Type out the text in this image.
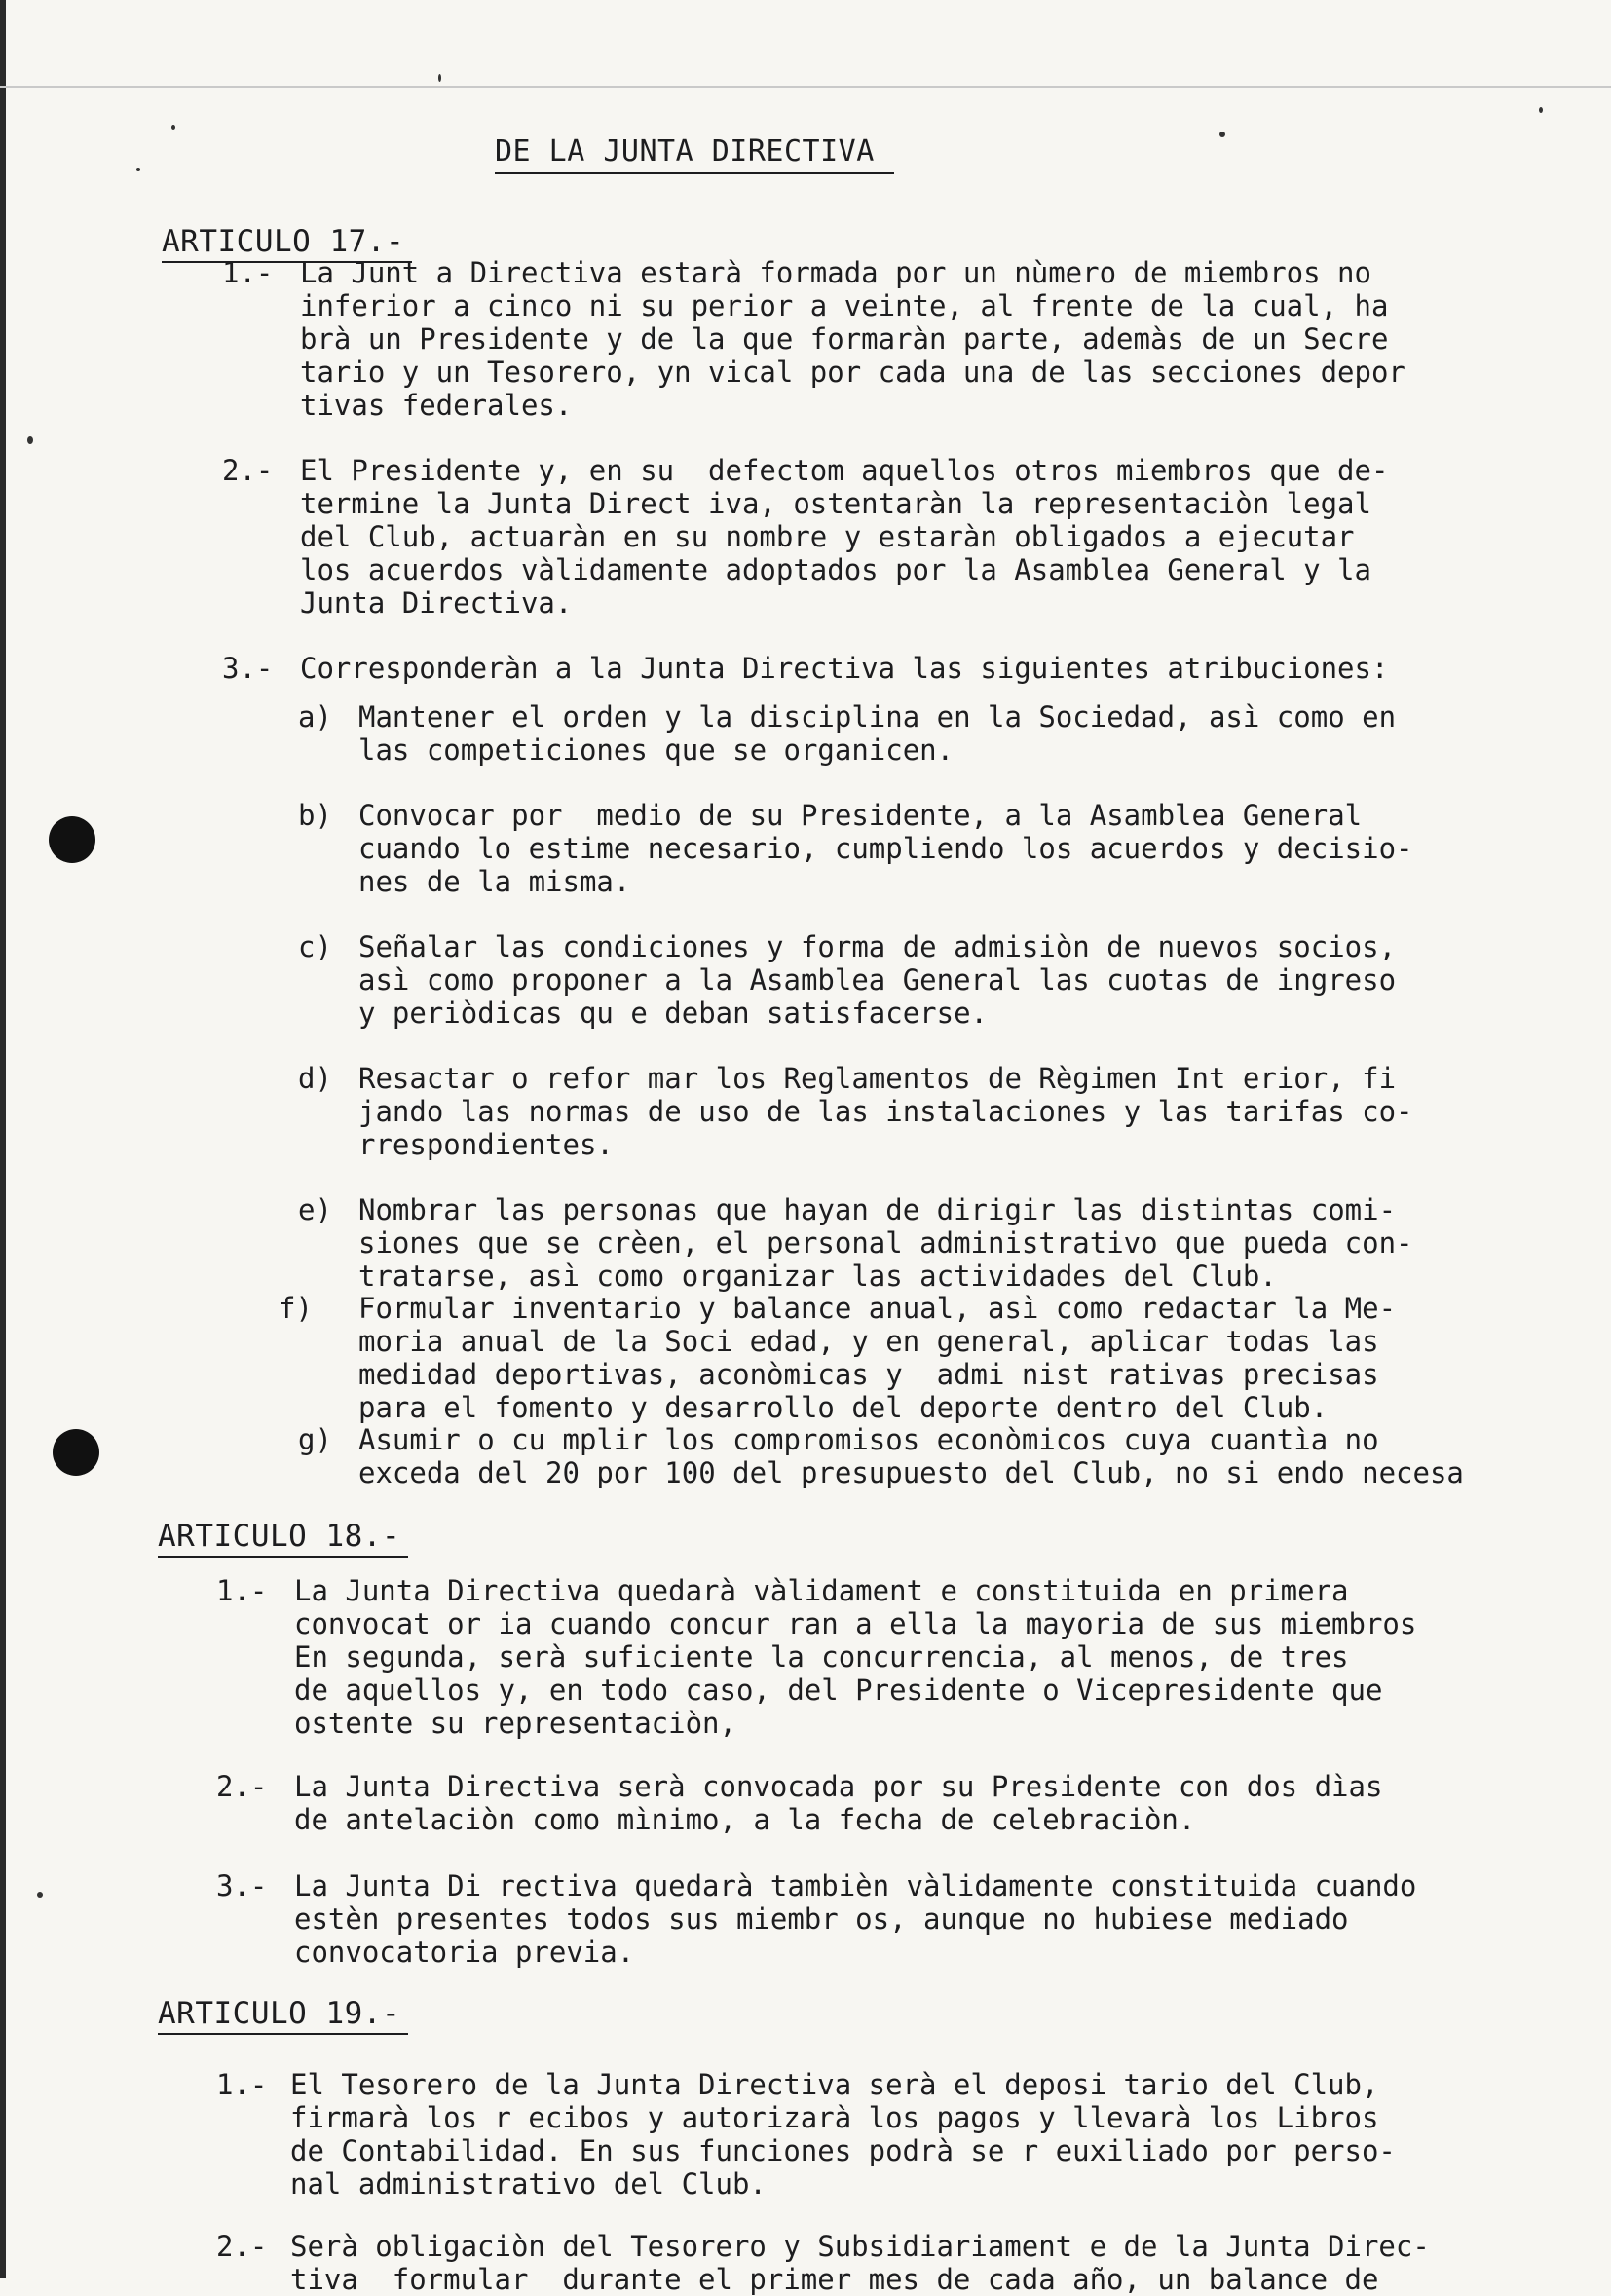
DE LA JUNTA DIRECTIVA
ARTICULO 17.-
1.- La Junt a Directiva estarà formada por un nùmero de miembros no
inferior a cinco ni su perior a veinte, al frente de la cual, ha
brà un Presidente y de la que formaràn parte, ademàs de un Secre
tario y un Tesorero, yn vical por cada una de las secciones depor
tivas federales.
2.- El Presidente y, en su  defectom aquellos otros miembros que de-
termine la Junta Direct iva, ostentaràn la representaciòn legal
del Club, actuaràn en su nombre y estaràn obligados a ejecutar
los acuerdos vàlidamente adoptados por la Asamblea General y la
Junta Directiva.
3.- Corresponderàn a la Junta Directiva las siguientes atribuciones:
a) Mantener el orden y la disciplina en la Sociedad, asì como en
las competiciones que se organicen.
b) Convocar por  medio de su Presidente, a la Asamblea General
cuando lo estime necesario, cumpliendo los acuerdos y decisio-
nes de la misma.
c) Señalar las condiciones y forma de admisiòn de nuevos socios,
asì como proponer a la Asamblea General las cuotas de ingreso
y periòdicas qu e deban satisfacerse.
d) Resactar o refor mar los Reglamentos de Règimen Int erior, fi
jando las normas de uso de las instalaciones y las tarifas co-
rrespondientes.
e) Nombrar las personas que hayan de dirigir las distintas comi-
siones que se crèen, el personal administrativo que pueda con-
tratarse, asì como organizar las actividades del Club.
f) Formular inventario y balance anual, asì como redactar la Me-
moria anual de la Soci edad, y en general, aplicar todas las
medidad deportivas, aconòmicas y  admi nist rativas precisas
para el fomento y desarrollo del deporte dentro del Club.
g) Asumir o cu mplir los compromisos econòmicos cuya cuantìa no
exceda del 20 por 100 del presupuesto del Club, no si endo necesa
ARTICULO 18.-
1.- La Junta Directiva quedarà vàlidament e constituida en primera
convocat or ia cuando concur ran a ella la mayoria de sus miembros
En segunda, serà suficiente la concurrencia, al menos, de tres
de aquellos y, en todo caso, del Presidente o Vicepresidente que
ostente su representaciòn,
2.- La Junta Directiva serà convocada por su Presidente con dos dìas
de antelaciòn como mìnimo, a la fecha de celebraciòn.
3.- La Junta Di rectiva quedarà tambièn vàlidamente constituida cuando
estèn presentes todos sus miembr os, aunque no hubiese mediado
convocatoria previa.
ARTICULO 19.-
1.- El Tesorero de la Junta Directiva serà el deposi tario del Club,
firmarà los r ecibos y autorizarà los pagos y llevarà los Libros
de Contabilidad. En sus funciones podrà se r euxiliado por perso-
nal administrativo del Club.
2.- Serà obligaciòn del Tesorero y Subsidiariament e de la Junta Direc-
tiva  formular  durante el primer mes de cada año, un balance de
